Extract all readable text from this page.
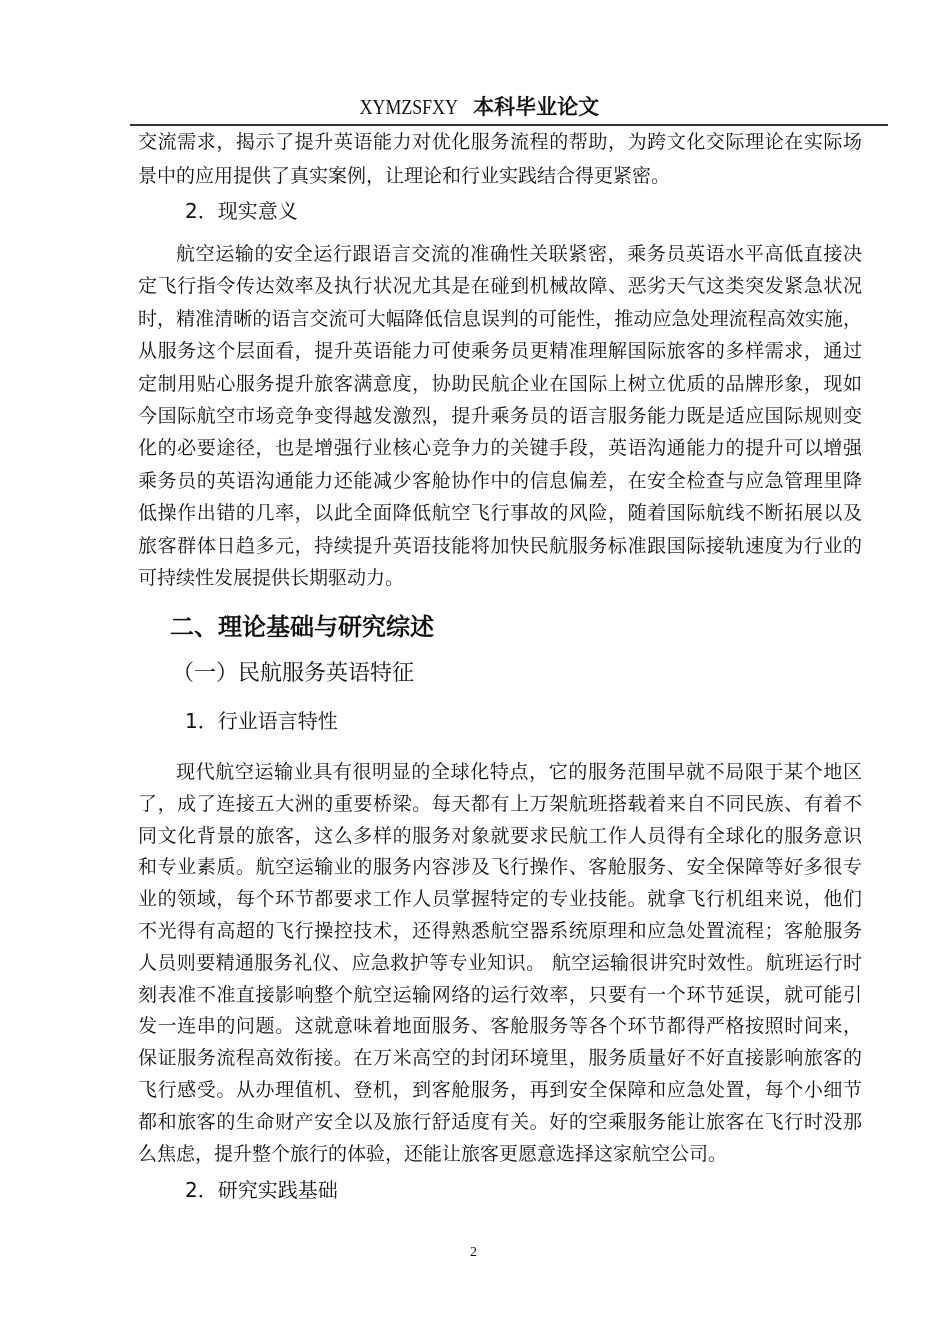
XYMZSFXY 本科毕业论文
交流需求，揭示了提升英语能力对优化服务流程的帮助，为跨文化交际理论在实际场
景中的应用提供了真实案例，让理论和行业实践结合得更紧密。
2．现实意义
航空运输的安全运行跟语言交流的准确性关联紧密，乘务员英语水平高低直接决
定飞行指令传达效率及执行状况尤其是在碰到机械故障、恶劣天气这类突发紧急状况
时，精准清晰的语言交流可大幅降低信息误判的可能性，推动应急处理流程高效实施，
从服务这个层面看，提升英语能力可使乘务员更精准理解国际旅客的多样需求，通过
定制用贴心服务提升旅客满意度，协助民航企业在国际上树立优质的品牌形象，现如
今国际航空市场竞争变得越发激烈，提升乘务员的语言服务能力既是适应国际规则变
化的必要途径，也是增强行业核心竞争力的关键手段，英语沟通能力的提升可以增强
乘务员的英语沟通能力还能减少客舱协作中的信息偏差，在安全检查与应急管理里降
低操作出错的几率，以此全面降低航空飞行事故的风险，随着国际航线不断拓展以及
旅客群体日趋多元，持续提升英语技能将加快民航服务标准跟国际接轨速度为行业的
可持续性发展提供长期驱动力。
二、理论基础与研究综述
（一）民航服务英语特征
1．行业语言特性
现代航空运输业具有很明显的全球化特点，它的服务范围早就不局限于某个地区
了，成了连接五大洲的重要桥梁。每天都有上万架航班搭载着来自不同民族、有着不
同文化背景的旅客，这么多样的服务对象就要求民航工作人员得有全球化的服务意识
和专业素质。航空运输业的服务内容涉及飞行操作、客舱服务、安全保障等好多很专
业的领域，每个环节都要求工作人员掌握特定的专业技能。就拿飞行机组来说，他们
不光得有高超的飞行操控技术，还得熟悉航空器系统原理和应急处置流程；客舱服务
人员则要精通服务礼仪、应急救护等专业知识。 航空运输很讲究时效性。航班运行时
刻表准不准直接影响整个航空运输网络的运行效率，只要有一个环节延误，就可能引
发一连串的问题。这就意味着地面服务、客舱服务等各个环节都得严格按照时间来，
保证服务流程高效衔接。在万米高空的封闭环境里，服务质量好不好直接影响旅客的
飞行感受。从办理值机、登机，到客舱服务，再到安全保障和应急处置，每个小细节
都和旅客的生命财产安全以及旅行舒适度有关。好的空乘服务能让旅客在飞行时没那
么焦虑，提升整个旅行的体验，还能让旅客更愿意选择这家航空公司。
2．研究实践基础
2
